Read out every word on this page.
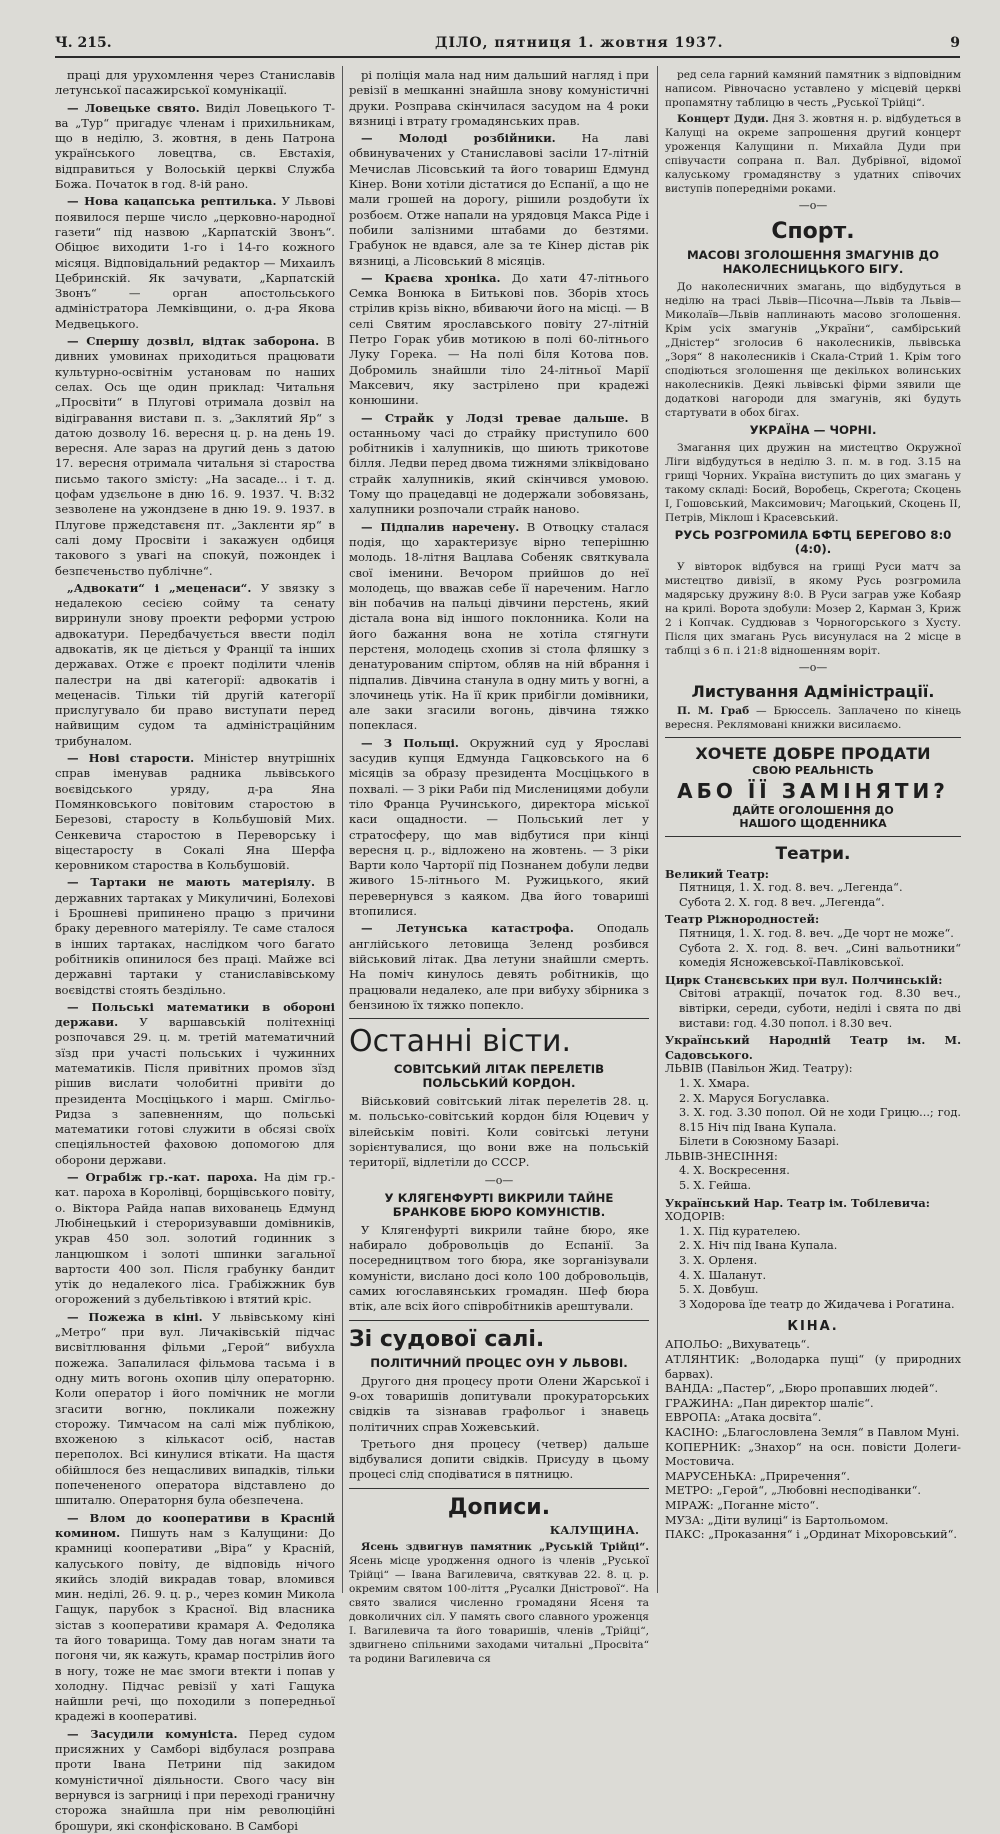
Ч. 215.	ДІЛО, пятниця 1. жовтня 1937.	9

праці для урухомлення через Станиславів летунської пасажирської комунікації.

— Ловецьке свято. Виділ Ловецького Т-ва „Тур“ пригадує членам і прихильникам, що в неділю, 3. жовтня, в день Патрона українського ловецтва, св. Евстахія, відправиться у Волоській церкві Служба Божа. Початок в год. 8-ій рано.

— Нова кацапська рептилька. У Львові появилося перше число „церковно-народної газети“ під назвою „Карпатскій Звонъ“. Обіцює виходити 1-го і 14-го кожного місяця. Відповідальний редактор — Михаилъ Цебринскій. Як зачувати, „Карпатскій Звонъ“ — орган апостольського адміністратора Лемківщини, о. д-ра Якова Медвецького.

— Спершу дозвіл, відтак заборона. В дивних умовинах приходиться працювати культурно-освітнім установам по наших селах. Ось ще один приклад: Читальня „Просвіти“ в Плугові отримала дозвіл на відігравання вистави п. з. „Заклятий Яр“ з датою дозволу 16. вересня ц. р. на день 19. вересня. Але зараз на другий день з датою 17. вересня отримала читальня зі староства письмо такого змісту: „На засаде... і т. д. цофам удзєльоне в дню 16. 9. 1937. Ч. В:32 зезволене на ужондзене в дню 19. 9. 1937. в Плугове пржедставєня пт. „Заклєнти яр“ в салі дому Просвіти і закажуєн одбиця такового з увагі на спокуй, пожондек і безпєченьство публічне“.

„Адвокати“ і „меценаси“. У звязку з недалекою сесією сойму та сенату вирринули знову проекти реформи устрою адвокатури. Передбачується ввести поділ адвокатів, як це діється у Франції та інших державах. Отже є проект поділити членів палестри на дві категорії: адвокатів і меценасів. Тільки тій другій категорії прислугувало би право виступати перед найвищим судом та адміністраційним трибуналом.

— Нові старости. Міністер внутрішніх справ іменував радника львівського воєвідського уряду, д-ра Яна Помянковського повітовим старостою в Березові, старосту в Кольбушовій Мих. Сенкевича старостою в Переворську і віцестаросту в Сокалі Яна Шерфа керовником староства в Кольбушовій.

— Тартаки не мають матеріялу. В державних тартаках у Микуличині, Болехові і Брошневі припинено працю з причини браку деревного матеріялу. Те саме сталося в інших тартаках, наслідком чого багато робітників опинилося без праці. Майже всі державні тартаки у станиславівському воєвідстві стоять бездільно.

— Польські математики в обороні держави. У варшавській політехніці розпочався 29. ц. м. третій математичний зїзд при участі польських і чужинних математиків. Після привітних промов зїзд рішив вислати чолобитні привіти до президента Мосціцького і марш. Смігльо-Ридза з запевненням, що польські математики готові служити в обсязі своїх спеціяльностей фаховою допомогою для оборони держави.

— Ограбіж гр.-кат. пароха. На дім гр.-кат. пароха в Королівці, борщівського повіту, о. Віктора Райда напав вихованець Едмунд Любінецький і стероризувавши домівників, украв 450 зол. золотий годинник з ланцюшком і золоті шпинки загальної вартости 400 зол. Після грабунку бандит утік до недалекого ліса. Грабіжжник був огорожений з дубельтівкою і втятий кріс.

— Пожежа в кіні. У львівському кіні „Метро“ при вул. Личаківській підчас висвітлювання фільми „Герой“ вибухла пожежа. Запалилася фільмова тасьма і в одну мить вогонь охопив цілу операторню. Коли оператор і його помічник не могли згасити вогню, покликали пожежну сторожу. Тимчасом на салі між публікою, вхоженою з кількасот осіб, настав переполох. Всі кинулися втікати. На щастя обійшлося без нещасливих випадків, тільки попечененого оператора відставлено до шпиталю. Операторня була обезпечена.

— Влом до кооперативи в Красній комином. Пишуть нам з Калущини: До крамниці кооперативи „Віра“ у Красній, калуського повіту, де відповідь нічого якийсь злодій викрадав товар, вломився мин. неділі, 26. 9. ц. р., через комин Микола Гащук, парубок з Красної. Від власника зістав з кооперативи крамаря А. Федоляка та його товарища. Тому дав ногам знати та погоня чи, як кажуть, крамар пострілив його в ногу, тоже не має змоги втекти і попав у холодну. Підчас ревізії у хаті Гащука найшли речі, що походили з попередньої крадежі в кооперативі.

— Засудили комуніста. Перед судом присяжних у Самборі відбулася розправа проти Івана Петрини під закидом комуністичної діяльности. Свого часу він вернувся із загрниці і при переході граничну сторожа знайшла при нім революційні брошури, які сконфісковано. В Самборі

рі поліція мала над ним дальший нагляд і при ревізії в мешканні знайшла знову комуністичні друки. Розправа скінчилася засудом на 4 роки вязниці і втрату громадянських прав.

— Молоді розбійники. На лаві обвинувачених у Станиславові засіли 17-літній Мечислав Лісовський та його товариш Едмунд Кінер. Вони хотіли дістатися до Еспанії, а що не мали грошей на дорогу, рішили роздобути їх розбоєм. Отже напали на урядовця Макса Ріде і побили залізними штабами до безтями. Грабунок не вдався, але за те Кінер дістав рік вязниці, а Лісовський 8 місяців.

— Краєва хроніка. До хати 47-літнього Семка Вонюка в Битькові пов. Зборів хтось стрілив крізь вікно, вбиваючи його на місці. — В селі Святим ярославського повіту 27-літній Петро Горак убив мотикою в полі 60-літнього Луку Горека. — На полі біля Котова пов. Добромиль знайшли тіло 24-літньої Марії Максевич, яку застрілено при крадежі конюшини.

— Страйк у Лодзі тревае дальше. В останньому часі до страйку приступило 600 робітників і халупників, що шиють трикотове білля. Ледви перед двома тижнями зліквідовано страйк халупників, який скінчився умовою. Тому що працедавці не додержали зобовязань, халупники розпочали страйк наново.

— Підпалив наречену. В Отвоцку сталася подія, що характеризує вірно теперішню молодь. 18-літня Вацлава Собеняк святкувала свої іменини. Вечором прийшов до неї молодець, що вважав себе її нареченим. Нагло він побачив на пальці дівчини перстень, який дістала вона від іншого поклонника. Коли на його бажання вона не хотіла стягнути перстеня, молодець схопив зі стола фляшку з денатурованим спіртом, обляв на ній вбрання і підпалив. Дівчина станула в одну мить у вогні, а злочинець утік. На її крик прибігли домівники, але заки згасили вогонь, дівчина тяжко попеклася.

— З Польщі. Окружний суд у Ярославі засудив купця Едмунда Гацковського на 6 місяців за образу президента Мосціцького в похвалі. — З ріки Раби під Мисленицями добули тіло Франца Ручинського, директора міської каси ощадности. — Польський лет у стратосферу, що мав відбутися при кінці вересня ц. р., відложено на жовтень. — З ріки Варти коло Чарторії під Познанем добули ледви живого 15-літнього М. Ружицького, який перевернувся з каяком. Два його товариші втопилися.

— Летунська катастрофа. Оподаль англійського летовища Зеленд розбився військовий літак. Два летуни знайшли смерть. На поміч кинулось девять робітників, що працювали недалеко, але при вибуху збірника з бензиною їх тяжко попекло.

Останні вісти.
СОВІТСЬКИЙ ЛІТАК ПЕРЕЛЕТІВ ПОЛЬСЬКИЙ КОРДОН.

Військовий совітський літак перелетів 28. ц. м. польсько-совітський кордон біля Юцевич у вілейськім повіті. Коли совітські летуни зорієнтувалися, що вони вже на польській території, відлетіли до СССР.

—o—
У КЛЯГЕНФУРТІ ВИКРИЛИ ТАЙНЕ БРАНКОВЕ БЮРО КОМУНІСТІВ.

У Клягенфурті викрили тайне бюро, яке набирало добровольців до Еспанії. За посередництвом того бюра, яке зорганізували комуністи, вислано досі коло 100 добровольців, самих югославянських громадян. Шеф бюра втік, але всіх його співробітників арештували.

Зі судової салі.
ПОЛІТИЧНИЙ ПРОЦЕС ОУН У ЛЬВОВІ.

Другого дня процесу проти Олени Жарської і 9-ох товаришів допитували прокураторських свідків та зізнавав графольог і знавець політичних справ Хожевський.

Третього дня процесу (четвер) дальше відбувалися допити свідків. Присуду в цьому процесі слід сподіватися в пятницю.

Дописи.
КАЛУЩИНА.

Ясень здвигнув памятник „Руській Трійці“. Ясень місце уродження одного із членів „Руської Трійці“ — Івана Вагилевича, святкував 22. 8. ц. р. окремим святом 100-ліття „Русалки Дністрової“. На свято звалися численно громадяни Ясеня та довколичних сіл. У память свого славного уроженця І. Вагилевича та його товаришів, членів „Трійці“, здвигнено спільними заходами читальні „Просвіта“ та родини Вагилевича ся

ред села гарний камяний памятник з відповідним написом. Рівночасно уставлено у місцевій церкві пропамятну таблицю в честь „Руської Трійці“.

Концерт Дуди. Дня 3. жовтня н. р. відбудеться в Калущі на окреме запрошення другий концерт уроженця Калущини п. Михайла Дуди при співучасти сопрана п. Вал. Дубрівної, відомої калуському громадянству з удатних співочих виступів попередніми роками.

—o—
Спорт.
МАСОВІ ЗГОЛОШЕННЯ ЗМАГУНІВ ДО НАКОЛЕСНИЦЬКОГО БІГУ.

До наколесничних змагань, що відбудуться в неділю на трасі Львів—Пісочна—Львів та Львів—Миколаїв—Львів наплинають масово зголошення. Крім усіх змагунів „України“, самбірський „Дністер“ зголосив 6 наколесників, львівська „Зоря“ 8 наколесників і Скала-Стрий 1. Крім того сподіються зголошення ще декількох волинських наколесників. Деякі львівські фірми зявили ще додаткові нагороди для змагунів, які будуть стартувати в обох бігах.

УКРАЇНА — ЧОРНІ.

Змагання цих дружин на мистецтво Окружної Ліги відбудуться в неділю 3. п. м. в год. 3.15 на грищі Чорних. Україна виступить до цих змагань у такому складі: Босий, Воробець, Скрегота; Скоцень I, Гошовський, Максимович; Магоцький, Скоцень II, Петрів, Міклош і Красевський.

РУСЬ РОЗГРОМИЛА БФТЦ БЕРЕГОВО 8:0 (4:0).

У вівторок відбувся на грищі Руси матч за мистецтво дивізії, в якому Русь розгромила мадярську дружину 8:0. В Руси заграв уже Кобаяр на крилі. Ворота здобули: Мозер 2, Карман 3, Криж 2 і Копчак. Суддював з Чорногорського з Хусту. Після цих змагань Русь висунулася на 2 місце в таблці з 6 п. і 21:8 відношенням воріт.

—o—
Листування Адміністрації.

П. М. Граб — Брюссель. Заплачено по кінець вересня. Реклямовані книжки висилаємо.

ХОЧЕТЕ ДОБРЕ ПРОДАТИ
СВОЮ РЕАЛЬНІСТЬ
АБО ЇЇ ЗАМІНЯТИ?
ДАЙТЕ ОГОЛОШЕННЯ ДО НАШОГО ЩОДЕННИКА
Театри.

Великий Театр:

Пятниця, 1. Х. год. 8. веч. „Легенда“.

Субота 2. Х. год. 8 веч. „Легенда“.

Театр Ріжнородностей:

Пятниця, 1. Х. год. 8. веч. „Де чорт не може“.

Субота 2. Х. год. 8. веч. „Сині вальотники“ комедія Ясножевської-Павліковської.

Цирк Станєвських при вул. Полчинській:

Світові атракції, початок год. 8.30 веч., вівтірки, середи, суботи, неділі і свята по дві вистави: год. 4.30 попол. і 8.30 веч.

Український Народній Театр ім. М. Садовського.

ЛЬВІВ (Павільон Жид. Театру):

1. Х. Хмара.

2. Х. Маруся Богуславка.

3. Х. год. 3.30 попол. Ой не ходи Грицю...; год. 8.15 Ніч під Івана Купала.

Білети в Союзному Базарі.

ЛЬВІВ-ЗНЕСІННЯ:

4. Х. Воскресення.

5. Х. Гейша.

Український Нар. Театр ім. Тобілевича:

ХОДОРІВ:

1. Х. Під курателею.

2. Х. Ніч під Івана Купала.

3. Х. Орленя.

4. Х. Шаланут.

5. Х. Довбуш.

З Ходорова їде театр до Жидачева і Рогатина.

КІНА.

АПОЛЬО: „Вихуватець“.

АТЛЯНТИК: „Володарка пущі“ (у природних барвах).

ВАНДА: „Пастер“, „Бюро пропавших людей“.

ГРАЖИНА: „Пан директор шаліє“.

ЕВРОПА: „Атака досвіта“.

КАСІНО: „Благословлена Земля“ в Павлом Муні.

КОПЕРНИК: „Знахор“ на осн. повісти Долеги-Мостовича.

МАРУСЕНЬКА: „Приречення“.

МЕТРО: „Герой“, „Любовні несподіванки“.

МІРАЖ: „Поганне місто“.

МУЗА: „Діти вулиці“ із Бартольомом.

ПАКС: „Проказання“ і „Ординат Міхоровський“.
